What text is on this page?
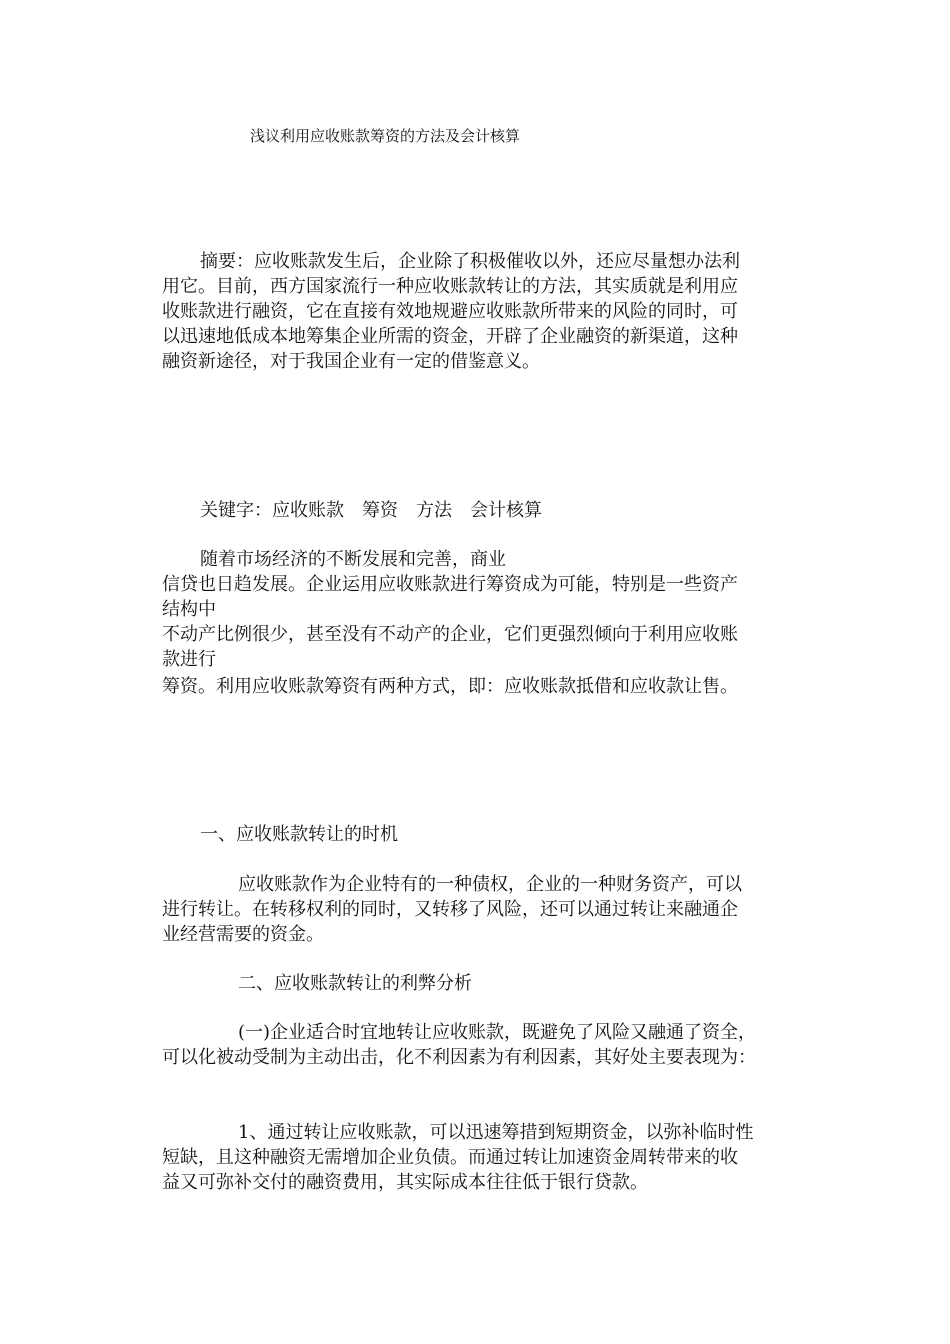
浅议利用应收账款筹资的方法及会计核算
摘要：应收账款发生后，企业除了积极催收以外，还应尽量想办法利
用它。目前，西方国家流行一种应收账款转让的方法，其实质就是利用应
收账款进行融资，它在直接有效地规避应收账款所带来的风险的同时，可
以迅速地低成本地筹集企业所需的资金，开辟了企业融资的新渠道，这种
融资新途径，对于我国企业有一定的借鉴意义。
关键字：应收账款　筹资　方法　会计核算
随着市场经济的不断发展和完善，商业
信贷也日趋发展。企业运用应收账款进行筹资成为可能，特别是一些资产
结构中
不动产比例很少，甚至没有不动产的企业，它们更强烈倾向于利用应收账
款进行
筹资。利用应收账款筹资有两种方式，即：应收账款抵借和应收款让售。
一、应收账款转让的时机
应收账款作为企业特有的一种债权，企业的一种财务资产，可以
进行转让。在转移权利的同时，又转移了风险，还可以通过转让来融通企
业经营需要的资金。
二、应收账款转让的利弊分析
(一)企业适合时宜地转让应收账款，既避免了风险又融通了资全，
可以化被动受制为主动出击，化不利因素为有利因素，其好处主要表现为：
1、通过转让应收账款，可以迅速筹措到短期资金，以弥补临时性
短缺，且这种融资无需增加企业负债。而通过转让加速资金周转带来的收
益又可弥补交付的融资费用，其实际成本往往低于银行贷款。
